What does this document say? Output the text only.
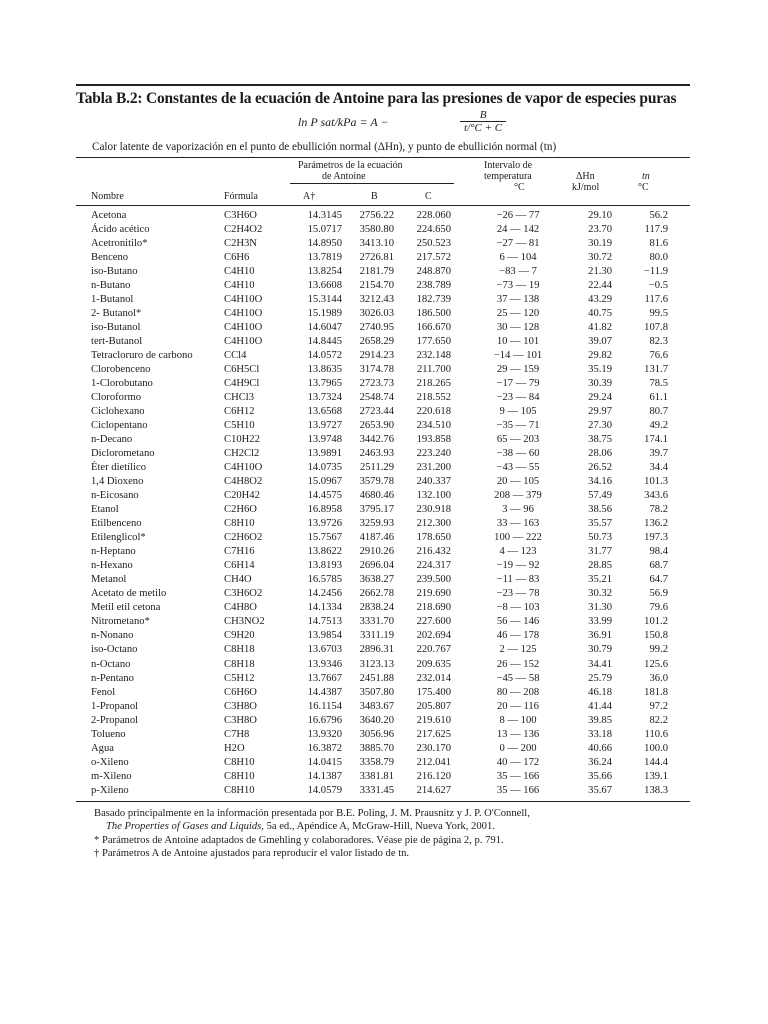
Tabla B.2: Constantes de la ecuación de Antoine para las presiones de vapor de especies puras
ln P sat/kPa = A −	$\frac{B}{t/^\circ C + C}$
Calor latente de vaporización en el punto de ebullición normal (ΔHn), y punto de ebullición normal (tn)
Parámetros de la ecuación
de Antoine
Intervalo de
temperatura
°C
ΔHn
kJ/mol
tn
°C
Nombre	Fórmula	A†	B	C
Acetona	C3H6O	14.3145	2756.22	228.060	−26 — 77	29.10	56.2
Ácido acético	C2H4O2	15.0717	3580.80	224.650	24 — 142	23.70	117.9
Acetronitilo*	C2H3N	14.8950	3413.10	250.523	−27 — 81	30.19	81.6
Benceno	C6H6	13.7819	2726.81	217.572	6 — 104	30.72	80.0
iso-Butano	C4H10	13.8254	2181.79	248.870	−83 — 7	21.30	−11.9
n-Butano	C4H10	13.6608	2154.70	238.789	−73 — 19	22.44	−0.5
1-Butanol	C4H10O	15.3144	3212.43	182.739	37 — 138	43.29	117.6
2- Butanol*	C4H10O	15.1989	3026.03	186.500	25 — 120	40.75	99.5
iso-Butanol	C4H10O	14.6047	2740.95	166.670	30 — 128	41.82	107.8
tert-Butanol	C4H10O	14.8445	2658.29	177.650	10 — 101	39.07	82.3
Tetracloruro de carbono	CCl4	14.0572	2914.23	232.148	−14 — 101	29.82	76.6
Clorobenceno	C6H5Cl	13.8635	3174.78	211.700	29 — 159	35.19	131.7
1-Clorobutano	C4H9Cl	13.7965	2723.73	218.265	−17 — 79	30.39	78.5
Cloroformo	CHCl3	13.7324	2548.74	218.552	−23 — 84	29.24	61.1
Ciclohexano	C6H12	13.6568	2723.44	220.618	9 — 105	29.97	80.7
Ciclopentano	C5H10	13.9727	2653.90	234.510	−35 — 71	27.30	49.2
n-Decano	C10H22	13.9748	3442.76	193.858	65 — 203	38.75	174.1
Diclorometano	CH2Cl2	13.9891	2463.93	223.240	−38 — 60	28.06	39.7
Éter dietílico	C4H10O	14.0735	2511.29	231.200	−43 — 55	26.52	34.4
1,4 Dioxeno	C4H8O2	15.0967	3579.78	240.337	20 — 105	34.16	101.3
n-Eicosano	C20H42	14.4575	4680.46	132.100	208 — 379	57.49	343.6
Etanol	C2H6O	16.8958	3795.17	230.918	3 — 96	38.56	78.2
Etilbenceno	C8H10	13.9726	3259.93	212.300	33 — 163	35.57	136.2
Etilenglicol*	C2H6O2	15.7567	4187.46	178.650	100 — 222	50.73	197.3
n-Heptano	C7H16	13.8622	2910.26	216.432	4 — 123	31.77	98.4
n-Hexano	C6H14	13.8193	2696.04	224.317	−19 — 92	28.85	68.7
Metanol	CH4O	16.5785	3638.27	239.500	−11 — 83	35.21	64.7
Acetato de metilo	C3H6O2	14.2456	2662.78	219.690	−23 — 78	30.32	56.9
Metil etil cetona	C4H8O	14.1334	2838.24	218.690	−8 — 103	31.30	79.6
Nitrometano*	CH3NO2	14.7513	3331.70	227.600	56 — 146	33.99	101.2
n-Nonano	C9H20	13.9854	3311.19	202.694	46 — 178	36.91	150.8
iso-Octano	C8H18	13.6703	2896.31	220.767	2 — 125	30.79	99.2
n-Octano	C8H18	13.9346	3123.13	209.635	26 — 152	34.41	125.6
n-Pentano	C5H12	13.7667	2451.88	232.014	−45 — 58	25.79	36.0
Fenol	C6H6O	14.4387	3507.80	175.400	80 — 208	46.18	181.8
1-Propanol	C3H8O	16.1154	3483.67	205.807	20 — 116	41.44	97.2
2-Propanol	C3H8O	16.6796	3640.20	219.610	8 — 100	39.85	82.2
Tolueno	C7H8	13.9320	3056.96	217.625	13 — 136	33.18	110.6
Agua	H2O	16.3872	3885.70	230.170	0 — 200	40.66	100.0
o-Xileno	C8H10	14.0415	3358.79	212.041	40 — 172	36.24	144.4
m-Xileno	C8H10	14.1387	3381.81	216.120	35 — 166	35.66	139.1
p-Xileno	C8H10	14.0579	3331.45	214.627	35 — 166	35.67	138.3
Basado principalmente en la información presentada por B.E. Poling, J. M. Prausnitz y J. P. O'Connell,
The Properties of Gases and Liquids, 5a ed., Apéndice A, McGraw-Hill, Nueva York, 2001.
* Parámetros de Antoine adaptados de Gmehling y colaboradores. Véase pie de página 2, p. 791.
† Parámetros A de Antoine ajustados para reproducir el valor listado de tn.
